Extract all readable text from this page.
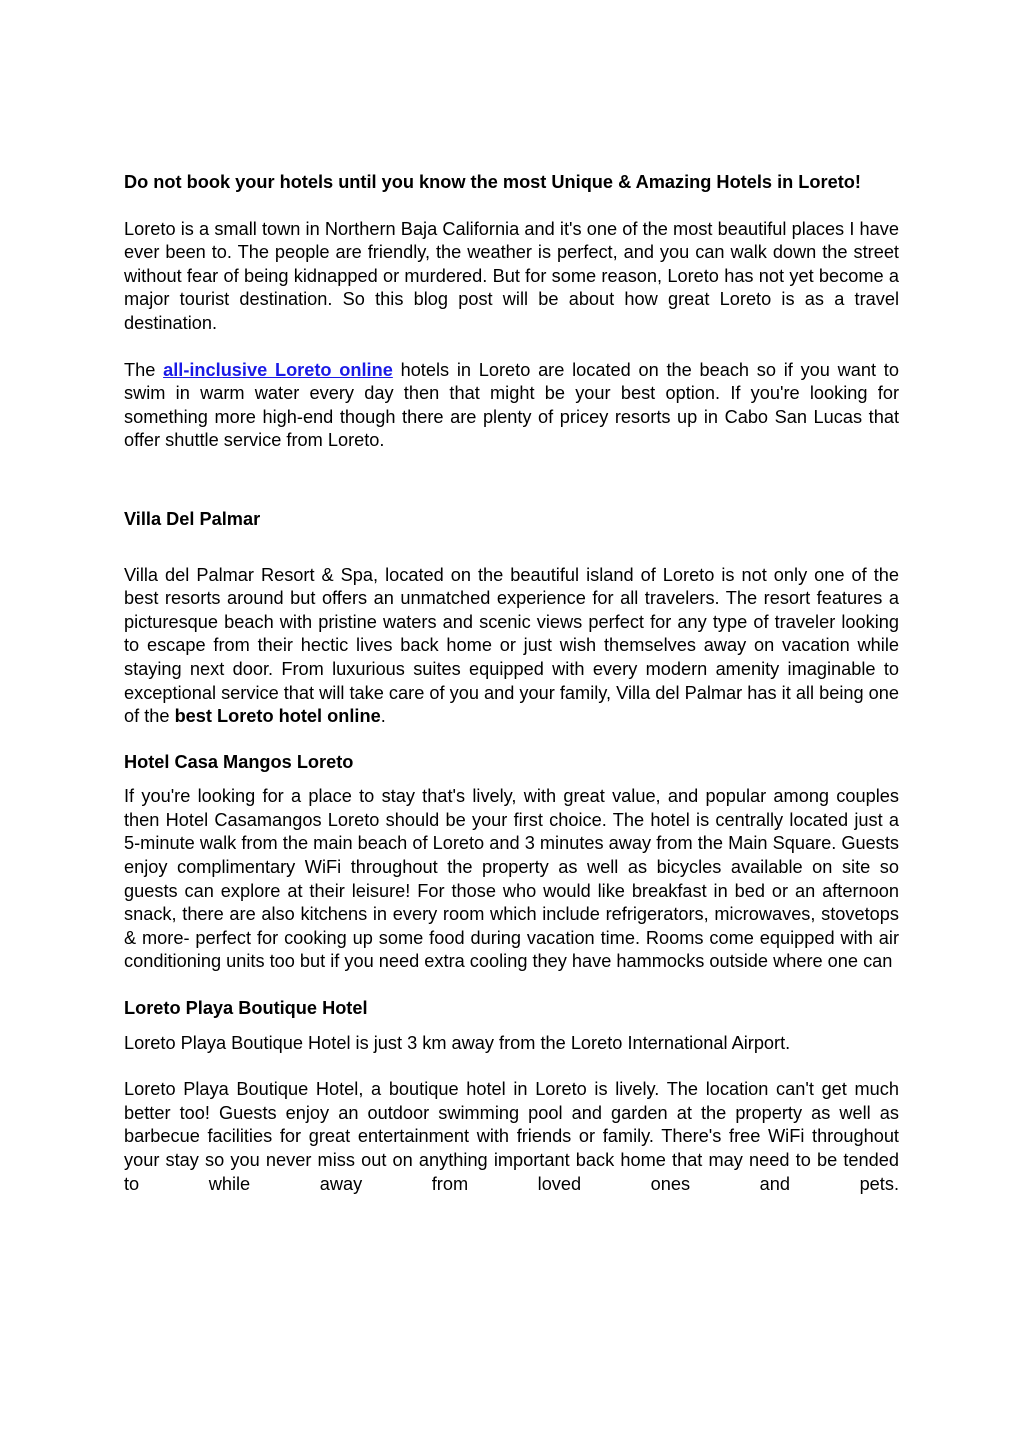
Do not book your hotels until you know the most Unique & Amazing Hotels in Loreto!

Loreto is a small town in Northern Baja California and it's one of the most beautiful places I have ever been to. The people are friendly, the weather is perfect, and you can walk down the street without fear of being kidnapped or murdered. But for some reason, Loreto has not yet become a major tourist destination. So this blog post will be about how great Loreto is as a travel destination.

The all-inclusive Loreto online hotels in Loreto are located on the beach so if you want to swim in warm water every day then that might be your best option. If you're looking for something more high-end though there are plenty of pricey resorts up in Cabo San Lucas that offer shuttle service from Loreto.

Villa Del Palmar

Villa del Palmar Resort & Spa, located on the beautiful island of Loreto is not only one of the best resorts around but offers an unmatched experience for all travelers. The resort features a picturesque beach with pristine waters and scenic views perfect for any type of traveler looking to escape from their hectic lives back home or just wish themselves away on vacation while staying next door. From luxurious suites equipped with every modern amenity imaginable to exceptional service that will take care of you and your family, Villa del Palmar has it all being one of the best Loreto hotel online.

Hotel Casa Mangos Loreto

If you're looking for a place to stay that's lively, with great value, and popular among couples then Hotel Casamangos Loreto should be your first choice. The hotel is centrally located just a 5-minute walk from the main beach of Loreto and 3 minutes away from the Main Square. Guests enjoy complimentary WiFi throughout the property as well as bicycles available on site so guests can explore at their leisure! For those who would like breakfast in bed or an afternoon snack, there are also kitchens in every room which include refrigerators, microwaves, stovetops & more- perfect for cooking up some food during vacation time. Rooms come equipped with air conditioning units too but if you need extra cooling they have hammocks outside where one can

Loreto Playa Boutique Hotel

Loreto Playa Boutique Hotel is just 3 km away from the Loreto International Airport.

Loreto Playa Boutique Hotel, a boutique hotel in Loreto is lively. The location can't get much better too! Guests enjoy an outdoor swimming pool and garden at the property as well as barbecue facilities for great entertainment with friends or family. There's free WiFi throughout your stay so you never miss out on anything important back home that may need to be tended to while away from loved ones and pets.
